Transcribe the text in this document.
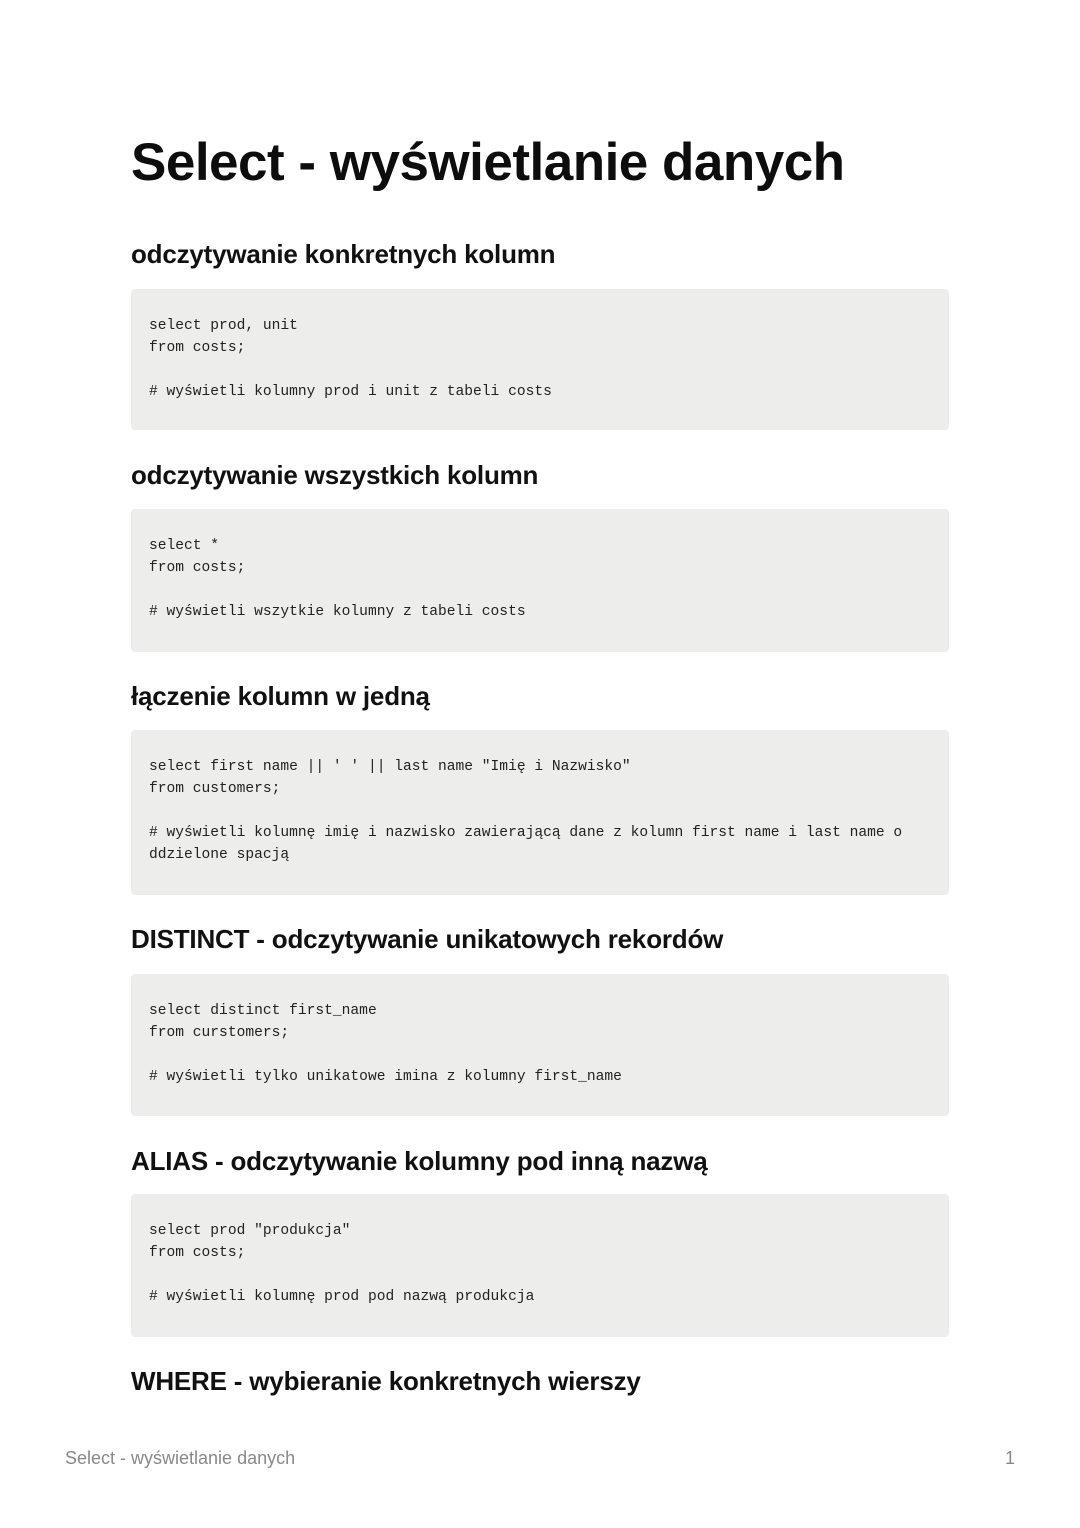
Select - wyświetlanie danych
odczytywanie konkretnych kolumn
select prod, unit
from costs;
# wyświetli kolumny prod i unit z tabeli costs
odczytywanie wszystkich kolumn
select *
from costs;
# wyświetli wszytkie kolumny z tabeli costs
łączenie kolumn w jedną
select first name || ' ' || last name "Imię i Nazwisko"
from customers;
# wyświetli kolumnę imię i nazwisko zawierającą dane z kolumn first name i last name o
ddzielone spacją
DISTINCT - odczytywanie unikatowych rekordów
select distinct first_name
from curstomers;
# wyświetli tylko unikatowe imina z kolumny first_name
ALIAS - odczytywanie kolumny pod inną nazwą
select prod "produkcja"
from costs;
# wyświetli kolumnę prod pod nazwą produkcja
WHERE - wybieranie konkretnych wierszy
Select - wyświetlanie danych	1
